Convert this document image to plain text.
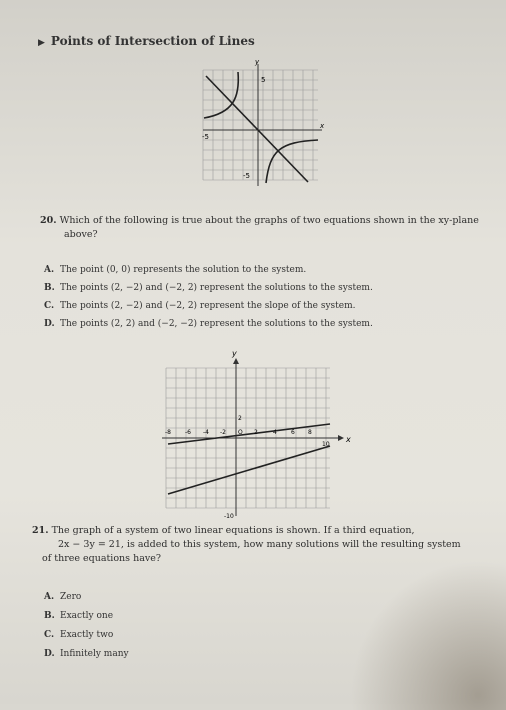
▶ Points of Intersection of Lines
y
x
5
-5
-5
20. Which of the following is true about the graphs of two equations shown in the xy-plane
above?
A. The point (0, 0) represents the solution to the system.
B. The points (2, −2) and (−2, 2) represent the solutions to the system.
C. The points (2, −2) and (−2, 2) represent the slope of the system.
D. The points (2, 2) and (−2, −2) represent the solutions to the system.
y
x
2
-10
-8 -6 -4 -2 O 2	4 6 8
10
21. The graph of a system of two linear equations is shown. If a third equation,
2x − 3y = 21, is added to this system, how many solutions will the resulting system
of three equations have?
A. Zero
B. Exactly one
C. Exactly two
D. Infinitely many
